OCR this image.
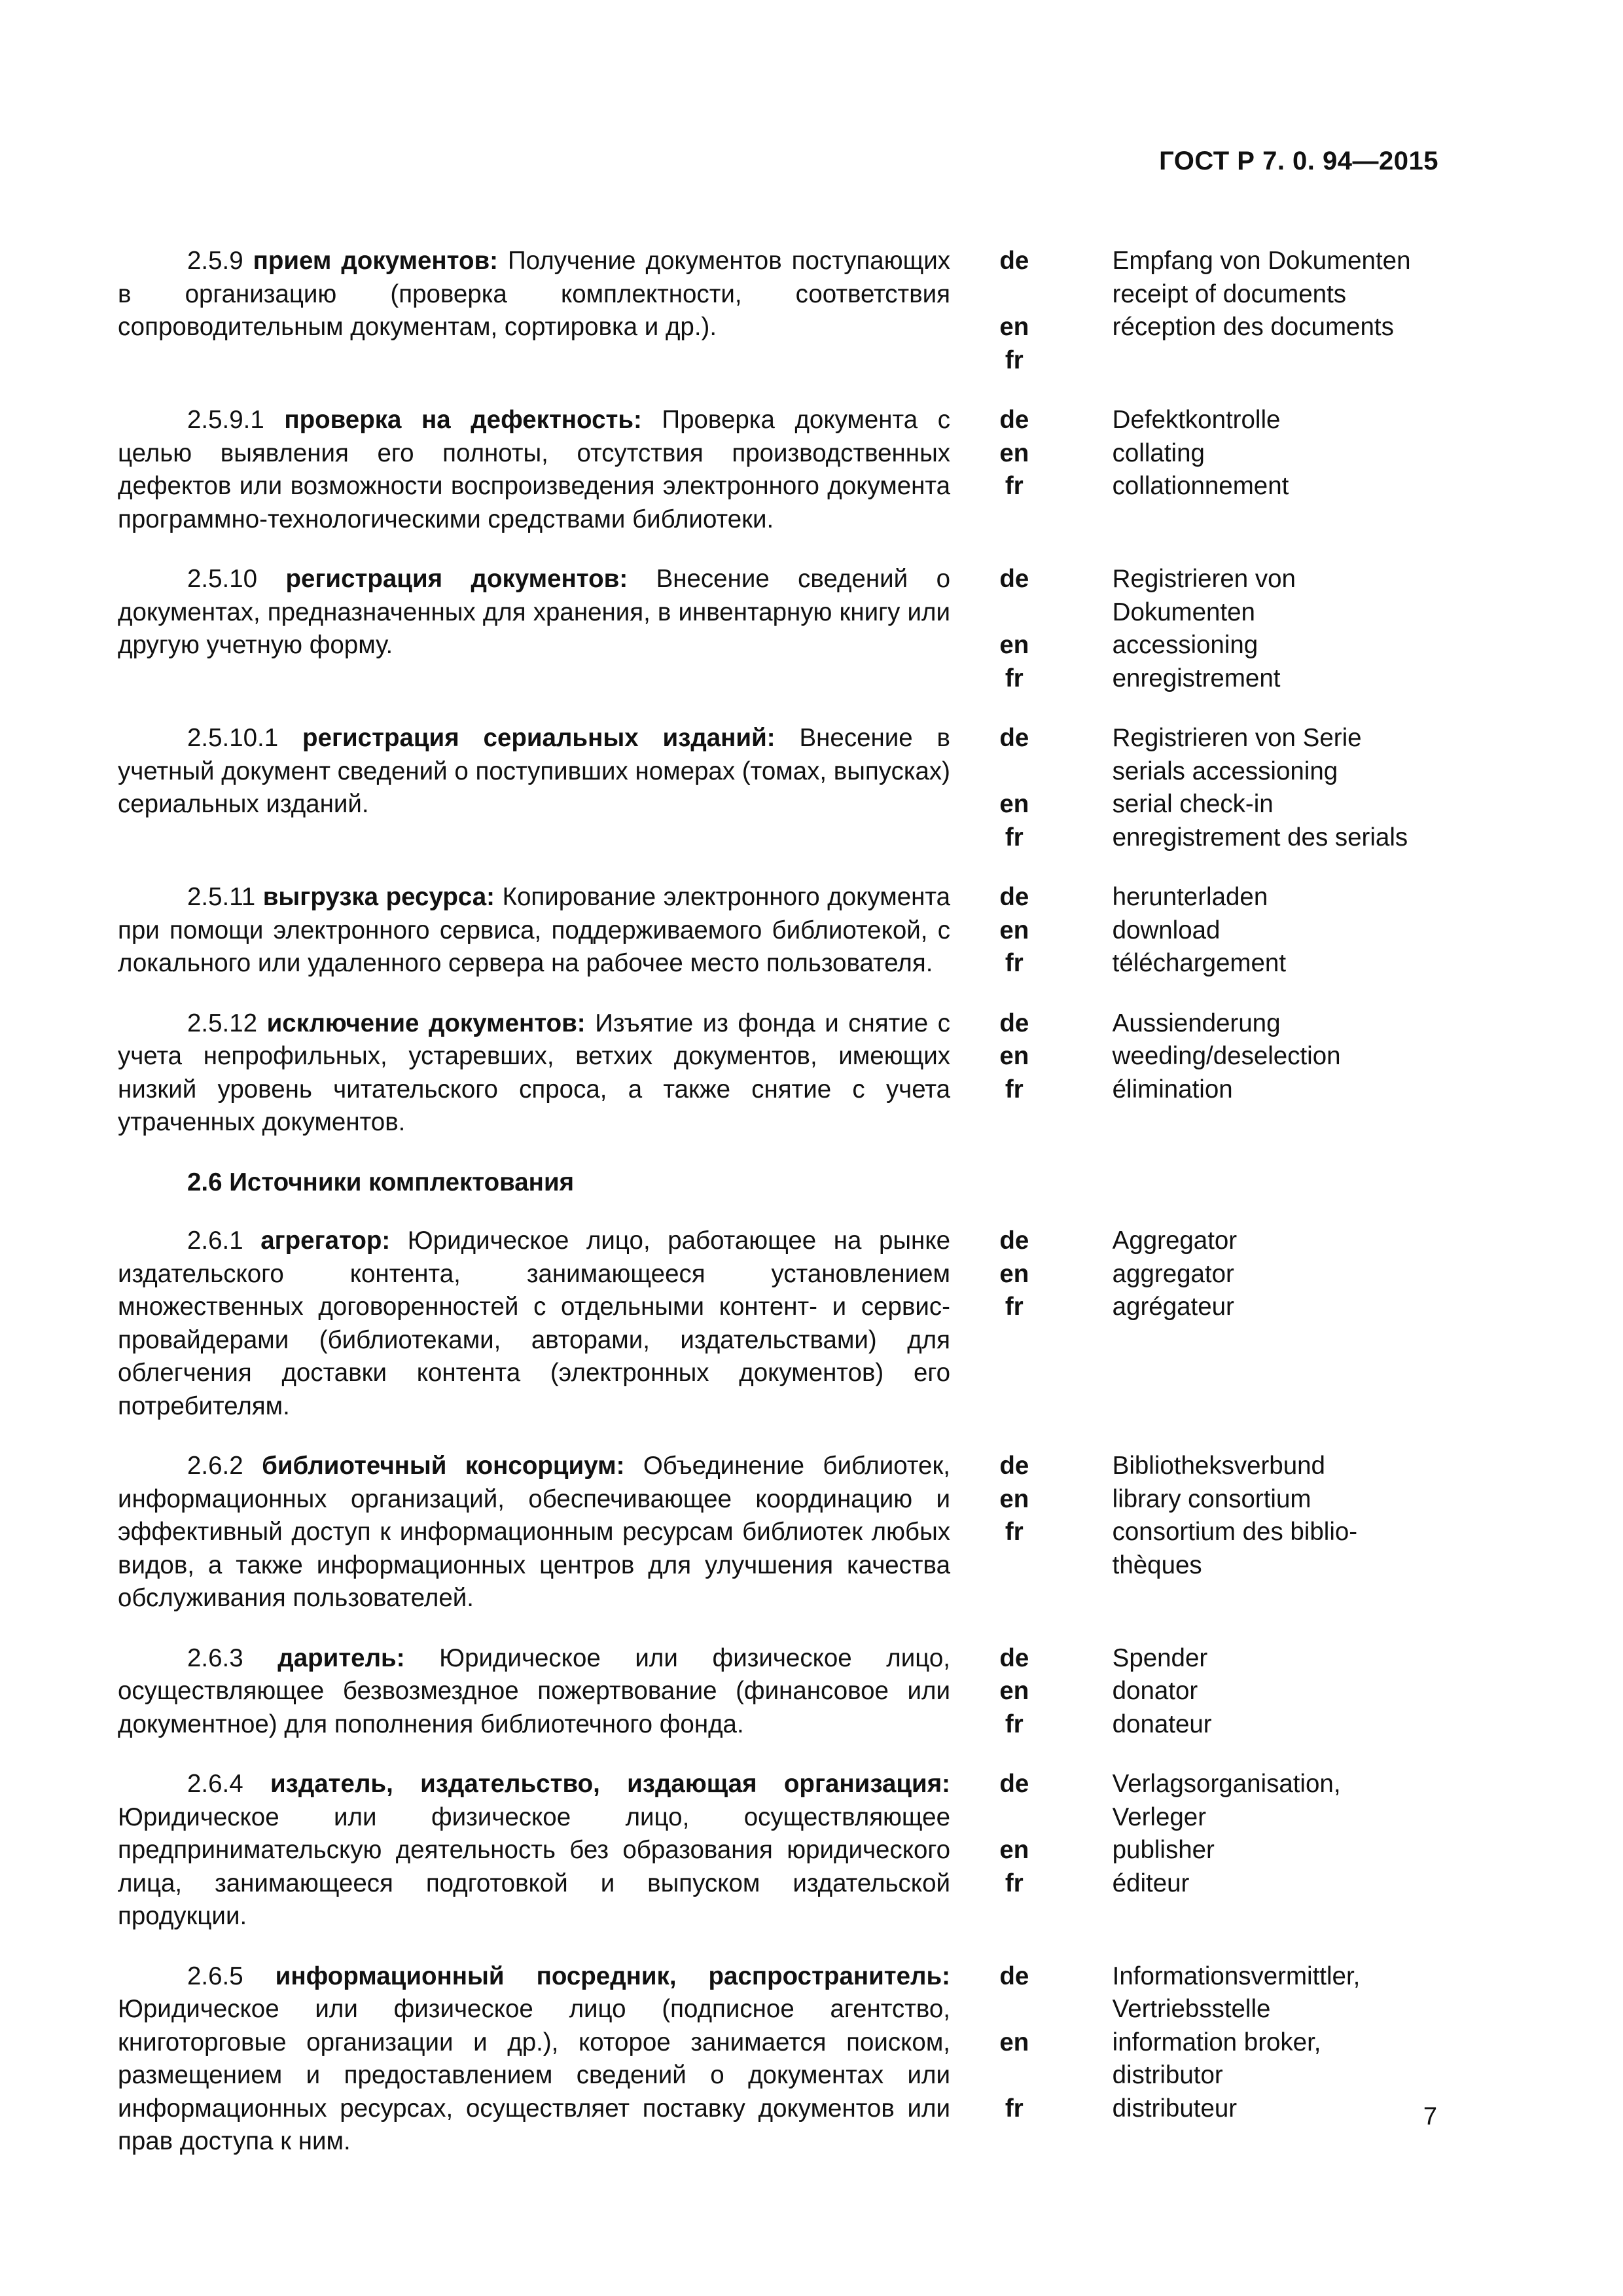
ГОСТ Р 7. 0. 94—2015
2.5.9 прием документов: Получение документов поступающих в организацию (проверка комплектности, соответствия сопроводительным документам, сортировка и др.).
de

en
fr
Empfang von Dokumenten
receipt of documents
réception des documents
2.5.9.1 проверка на дефектность: Проверка документа с целью выявления его полноты, отсутствия производственных дефектов или возможности воспроизведения электронного документа программно-технологическими средствами библиотеки.
de
en
fr
Defektkontrolle
collating
collationnement
2.5.10 регистрация документов: Внесение сведений о документах, предназначенных для хранения, в инвентарную книгу или другую учетную форму.
de

en
fr
Registrieren von
Dokumenten
accessioning
enregistrement
2.5.10.1 регистрация сериальных изданий: Внесение в учетный документ сведений о поступивших номерах (томах, выпусках) сериальных изданий.
de

en
fr
Registrieren von Serie
serials accessioning
serial check-in
enregistrement des serials
2.5.11 выгрузка ресурса: Копирование электронного документа при помощи электронного сервиса, поддерживаемого библиотекой, с локального или удаленного сервера на рабочее место пользователя.
de
en
fr
herunterladen
download
téléchargement
2.5.12 исключение документов: Изъятие из фонда и снятие с учета непрофильных, устаревших, ветхих документов, имеющих низкий уровень читательского спроса, а также снятие с учета утраченных документов.
de
en
fr
Aussienderung
weeding/deselection
élimination
2.6 Источники комплектования
2.6.1 агрегатор: Юридическое лицо, работающее на рынке издательского контента, занимающееся установлением множественных договоренностей с отдельными контент- и сервис-провайдерами (библиотеками, авторами, издательствами) для облегчения доставки контента (электронных документов) его потребителям.
de
en
fr
Aggregator
aggregator
agrégateur
2.6.2 библиотечный консорциум: Объединение библиотек, информационных организаций, обеспечивающее координацию и эффективный доступ к информационным ресурсам библиотек любых видов, а также информационных центров для улучшения качества обслуживания пользователей.
de
en
fr
Bibliotheksverbund
library consortium
consortium des biblio-
thèques
2.6.3 даритель: Юридическое или физическое лицо, осуществляющее безвозмездное пожертвование (финансовое или документное) для пополнения библиотечного фонда.
de
en
fr
Spender
donator
donateur
2.6.4 издатель, издательство, издающая организация: Юридическое или физическое лицо, осуществляющее предпринимательскую деятельность без образования юридического лица, занимающееся подготовкой и выпуском издательской продукции.
de

en
fr
Verlagsorganisation,
Verleger
publisher
éditeur
2.6.5 информационный посредник, распространитель: Юридическое или физическое лицо (подписное агентство, книготорговые организации и др.), которое занимается поиском, размещением и предоставлением сведений о документах или информационных ресурсах, осуществляет поставку документов или прав доступа к ним.
de

en

fr
Informationsvermittler,
Vertriebsstelle
information broker,
distributor
distributeur	7
